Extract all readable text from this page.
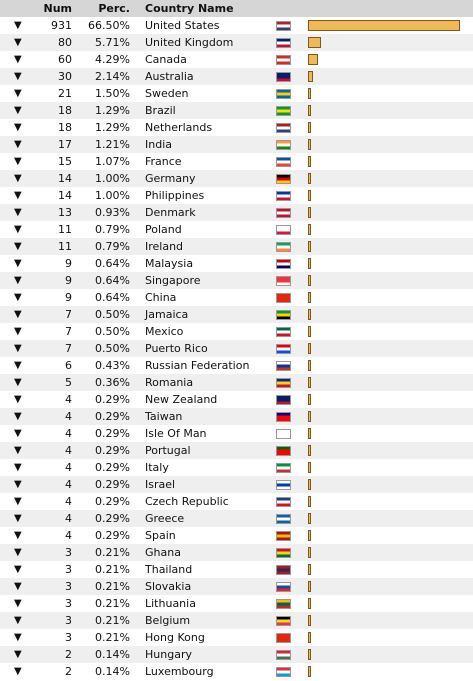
	Num	Perc.	Country Name		
▼	931	66.50%	United States		

▼	80	5.71%	United Kingdom		

▼	60	4.29%	Canada		

▼	30	2.14%	Australia		

▼	21	1.50%	Sweden		

▼	18	1.29%	Brazil		

▼	18	1.29%	Netherlands		

▼	17	1.21%	India		

▼	15	1.07%	France		

▼	14	1.00%	Germany		

▼	14	1.00%	Philippines		

▼	13	0.93%	Denmark		

▼	11	0.79%	Poland		

▼	11	0.79%	Ireland		

▼	9	0.64%	Malaysia		

▼	9	0.64%	Singapore		

▼	9	0.64%	China		

▼	7	0.50%	Jamaica		

▼	7	0.50%	Mexico		

▼	7	0.50%	Puerto Rico		

▼	6	0.43%	Russian Federation		

▼	5	0.36%	Romania		

▼	4	0.29%	New Zealand		

▼	4	0.29%	Taiwan		

▼	4	0.29%	Isle Of Man		

▼	4	0.29%	Portugal		

▼	4	0.29%	Italy		

▼	4	0.29%	Israel		

▼	4	0.29%	Czech Republic		

▼	4	0.29%	Greece		

▼	4	0.29%	Spain		

▼	3	0.21%	Ghana		

▼	3	0.21%	Thailand		

▼	3	0.21%	Slovakia		

▼	3	0.21%	Lithuania		

▼	3	0.21%	Belgium		

▼	3	0.21%	Hong Kong		

▼	2	0.14%	Hungary		

▼	2	0.14%	Luxembourg		
